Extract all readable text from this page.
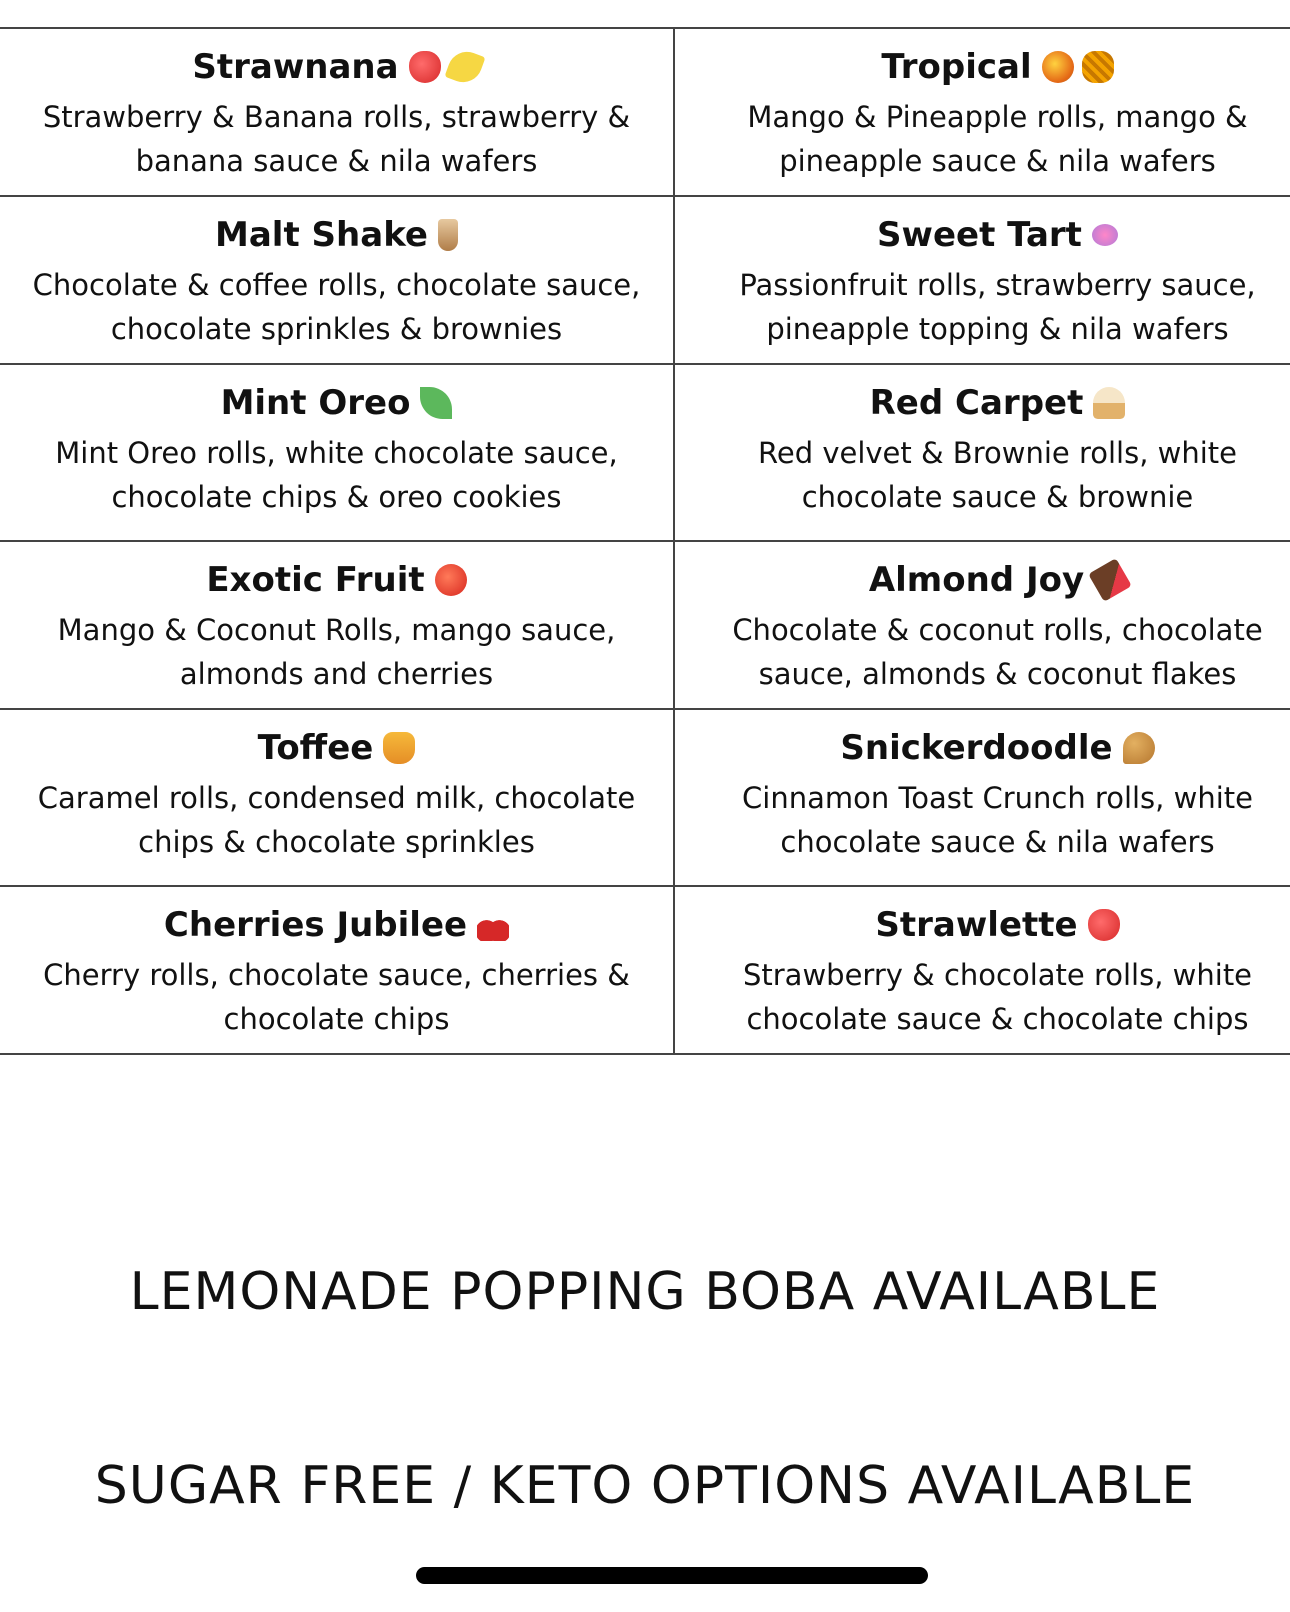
Strawnana
Strawberry & Banana rolls, strawberry &
banana sauce & nila wafers
Tropical
Mango & Pineapple rolls, mango &
pineapple sauce & nila wafers
Malt Shake
Chocolate & coffee rolls, chocolate sauce,
chocolate sprinkles & brownies
Sweet Tart
Passionfruit rolls, strawberry sauce,
pineapple topping & nila wafers
Mint Oreo
Mint Oreo rolls, white chocolate sauce,
chocolate chips & oreo cookies
Red Carpet
Red velvet & Brownie rolls, white
chocolate sauce & brownie
Exotic Fruit
Mango & Coconut Rolls, mango sauce,
almonds and cherries
Almond Joy
Chocolate & coconut rolls, chocolate
sauce, almonds & coconut flakes
Toffee
Caramel rolls, condensed milk, chocolate
chips & chocolate sprinkles
Snickerdoodle
Cinnamon Toast Crunch rolls, white
chocolate sauce & nila wafers
Cherries Jubilee
Cherry rolls, chocolate sauce, cherries &
chocolate chips
Strawlette
Strawberry & chocolate rolls, white
chocolate sauce & chocolate chips
LEMONADE POPPING BOBA AVAILABLE
SUGAR FREE / KETO OPTIONS AVAILABLE
